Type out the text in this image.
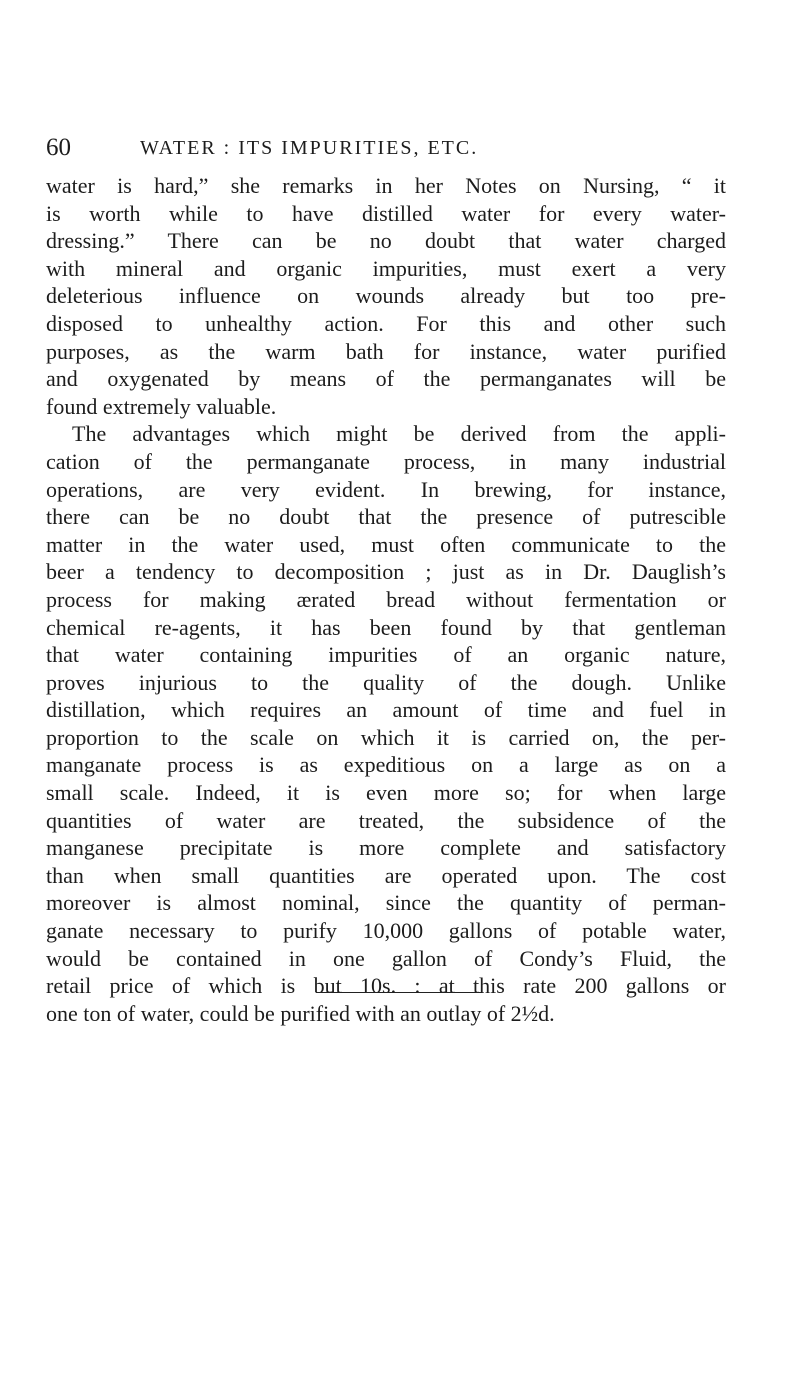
60	WATER : ITS IMPURITIES, ETC.
water is hard,” she remarks in her Notes on Nursing, “ it
is worth while to have distilled water for every water-
dressing.” There can be no doubt that water charged
with mineral and organic impurities, must exert a very
deleterious influence on wounds already but too pre-
disposed to unhealthy action. For this and other such
purposes, as the warm bath for instance, water purified
and oxygenated by means of the permanganates will be
found extremely valuable.
The advantages which might be derived from the appli-
cation of the permanganate process, in many industrial
operations, are very evident. In brewing, for instance,
there can be no doubt that the presence of putrescible
matter in the water used, must often communicate to the
beer a tendency to decomposition ; just as in Dr. Dauglish’s
process for making ærated bread without fermentation or
chemical re-agents, it has been found by that gentleman
that water containing impurities of an organic nature,
proves injurious to the quality of the dough. Unlike
distillation, which requires an amount of time and fuel in
proportion to the scale on which it is carried on, the per-
manganate process is as expeditious on a large as on a
small scale. Indeed, it is even more so; for when large
quantities of water are treated, the subsidence of the
manganese precipitate is more complete and satisfactory
than when small quantities are operated upon. The cost
moreover is almost nominal, since the quantity of perman-
ganate necessary to purify 10,000 gallons of potable water,
would be contained in one gallon of Condy’s Fluid, the
retail price of which is but 10s. : at this rate 200 gallons or
one ton of water, could be purified with an outlay of 2½d.
